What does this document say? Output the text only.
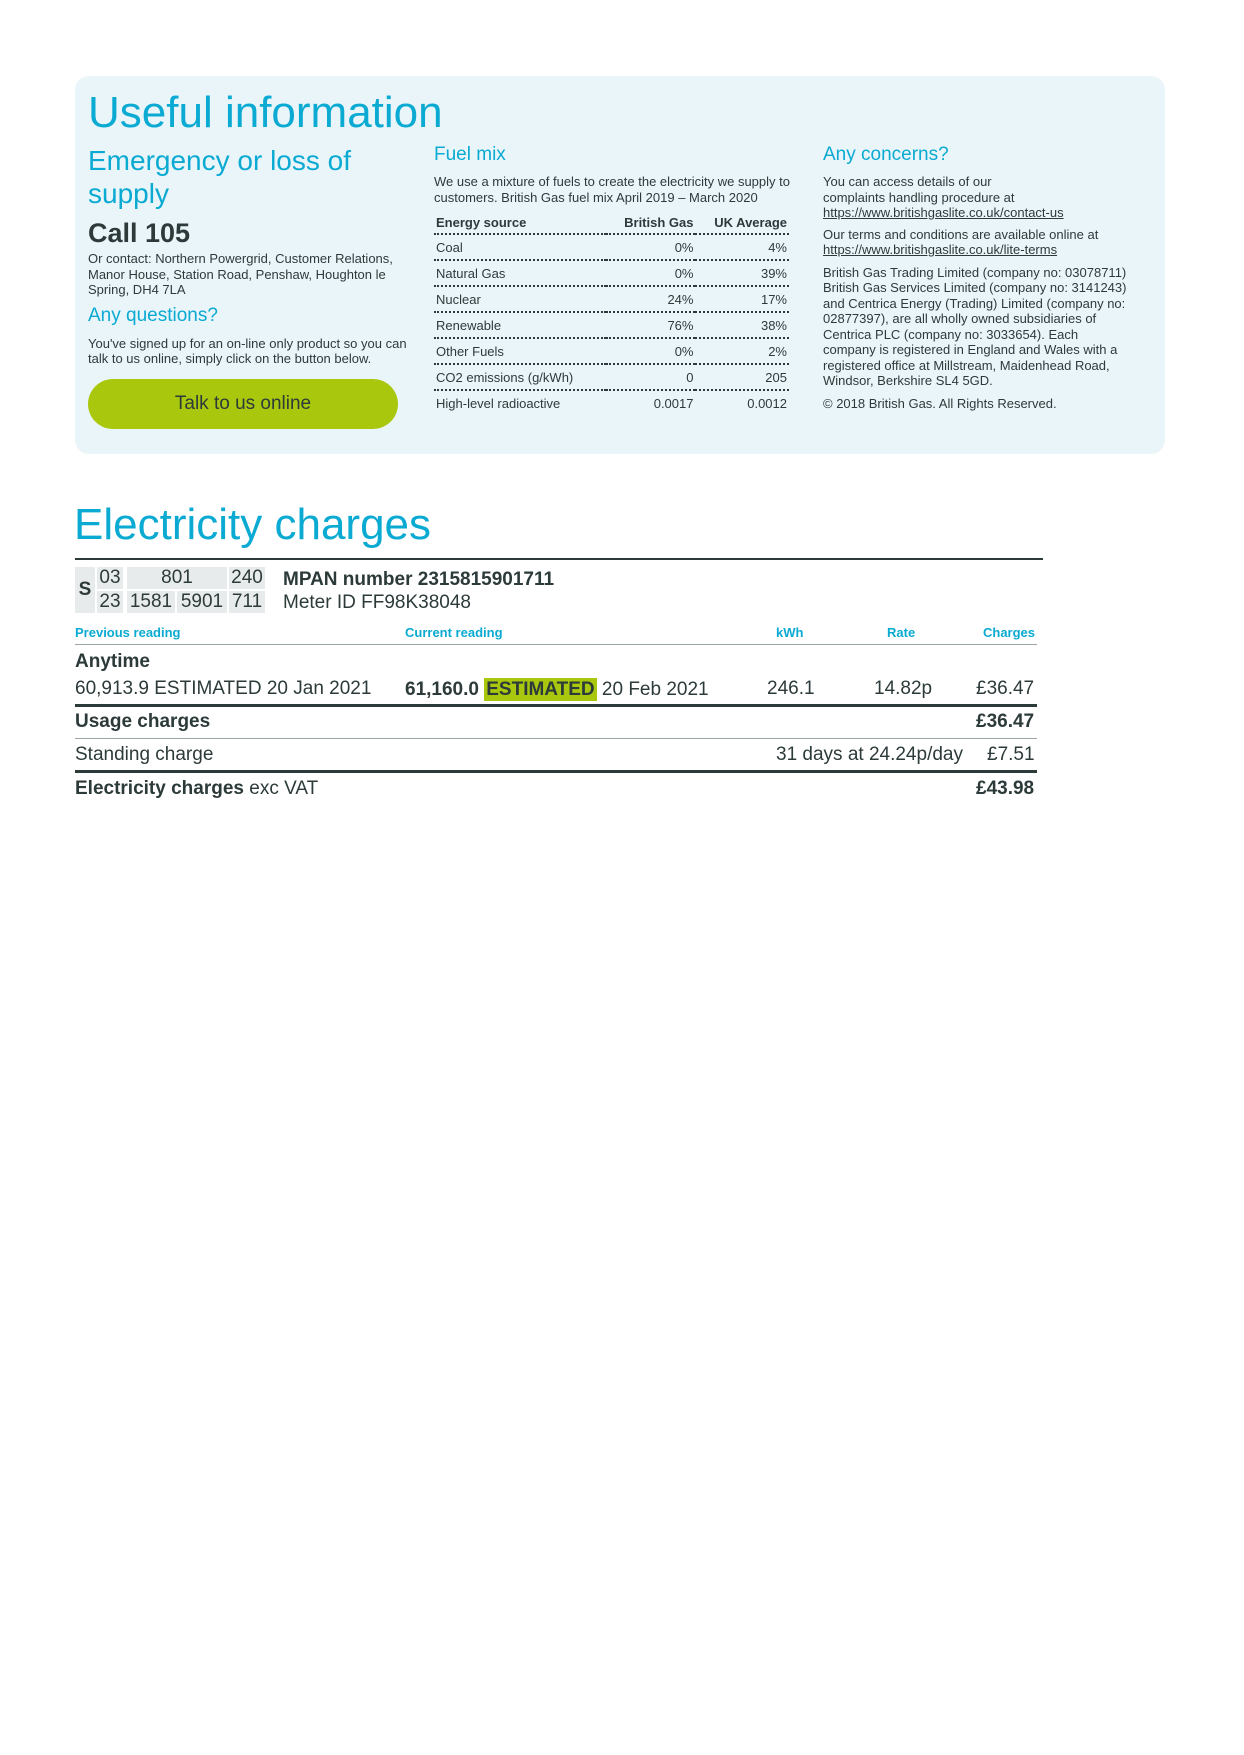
Useful information
Emergency or loss of supply
Call 105

Or contact: Northern Powergrid, Customer Relations, Manor House, Station Road, Penshaw, Houghton le Spring, DH4 7LA

Any questions?

You've signed up for an on-line only product so you can talk to us online, simply click on the button below.

Talk to us online
Fuel mix

We use a mixture of fuels to create the electricity we supply to customers. British Gas fuel mix April 2019 – March 2020

Energy source	British Gas	UK Average
Coal	0%	4%
Natural Gas	0%	39%
Nuclear	24%	17%
Renewable	76%	38%
Other Fuels	0%	2%
CO2 emissions (g/kWh)	0	205
High-level radioactive	0.0017	0.0012
Any concerns?

You can access details of our complaints handling procedure at

https://www.britishgaslite.co.uk/contact-us

Our terms and conditions are available online at

https://www.britishgaslite.co.uk/lite-terms

British Gas Trading Limited (company no: 03078711) British Gas Services Limited (company no: 3141243) and Centrica Energy (Trading) Limited (company no: 02877397), are all wholly owned subsidiaries of Centrica PLC (company no: 3033654). Each company is registered in England and Wales with a registered office at Millstream, Maidenhead Road, Windsor, Berkshire SL4 5GD.

© 2018 British Gas. All Rights Reserved.

Electricity charges
S
03	801	240
23 1581 5901 711
MPAN number 2315815901711
Meter ID FF98K38048
Previous reading	Current reading	kWh	Rate	Charges
Anytime
60,913.9 ESTIMATED 20 Jan 2021 61,160.0 ESTIMATED 20 Feb 2021	246.1	14.82p £36.47
Usage charges	£36.47
Standing charge	31 days at 24.24p/day £7.51
Electricity charges exc VAT	£43.98
